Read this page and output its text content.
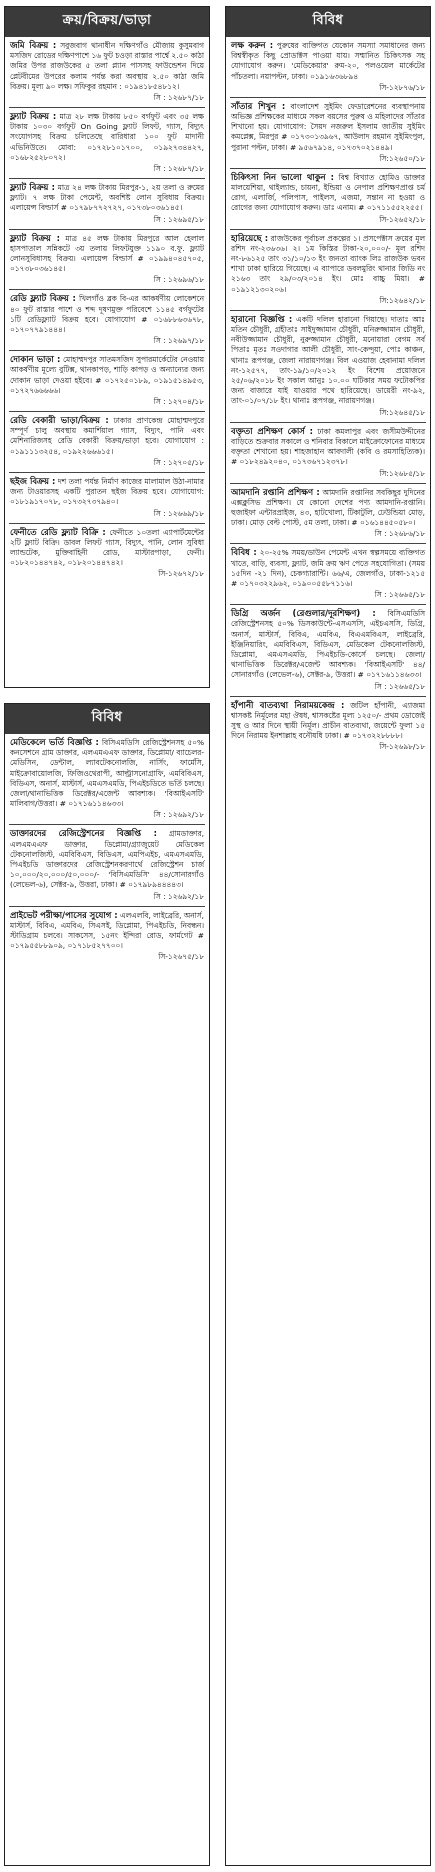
ক্রয়/বিক্রয়/ভাড়া

জমি বিক্রয় : সবুজবাগ থানাধীন দক্ষিণগাঁও মৌজায় কুসুমবাগ মসজিদ রোডের দক্ষিণপাশে ১৬ ফুট চওড়া রাস্তার পার্শ্বে ২.৫০ কাঠা জমির উপর রাজউকের ৫ তলা প্ল্যান পাসসহ ফাউন্ডেশন দিয়ে প্লেটবীমের উপরের কলাম পর্যন্ত করা অবস্থায় ২.৫০ কাঠা জমি বিক্রয়। মূল্য ৯০ লক্ষ। সফিকুর রহমান : ০১৯৪১৮৫৪৮১২।

সি : ১২৬৮৭/১৮

ফ্ল্যাট বিক্রয় : মাত্র ২৮ লক্ষ টাকায় ৮৫০ বর্গফুট এবং ৩৫ লক্ষ টাকায় ১০৩০ বর্গফুট On Going ফ্ল্যাট লিফট, গ্যাস, বিদ্যুৎ সংযোগসহ বিক্রয় চলিতেছে বারিধারা ১০০ ফুট মাদানী এভিনিউতে। মোবা: ০১৭২৮১০১৭০০, ০১৯২৭৩৪৪২৭, ০১৬৮২৫২৮০৭২।

সি : ১২৬৮৭/১৮

ফ্ল্যাট বিক্রয় : মাত্র ২৪ লক্ষ টাকায় মিরপুর-১, ২য় তলা ও রুমের ফ্ল্যাট। ৭ লক্ষ টাকা পেমেন্ট, অবশিষ্ট লোন সুবিধায় বিক্রয়। এলায়েন্স বিল্ডার্স # ০১৭৯৮৭৭২৭২৭, ০১৭৩৮০৩৬১৪৫।

সি : ১২৬৯৫/১৮

ফ্ল্যাট বিক্রয় : মাত্র ৪৫ লক্ষ টাকায় মিরপুরে আল হেলাল হাসপাতাল সন্নিকটে ৩য় তলায় লিফটযুক্ত ১১৯০ ব.ফু. ফ্ল্যাট লোনসুবিধাসহ বিক্রয়। এলায়েন্স বিল্ডার্স # ০১৯৯৪০৪৫৭০৫, ০১৭৩৮০৩৬১৪৫।

সি : ১২৬৯৬/১৮

রেডি ফ্ল্যাট বিক্রয় : খিলগাঁও ব্লক বি-এর আকর্ষণীয় লোকেশনে ৪০ ফুট রাস্তার পাশে ও শব্দ দূষণমুক্ত পরিবেশে ১১৪৫ বর্গফুটের ১টি রেডিফ্ল্যাট বিক্রয় হবে। যোগাযোগ # ০১৬৮৮৬৩৬৭৮, ০১৭০৭৭৯১৪৪৪।

সি : ১২৬৯৭/১৮

দোকান ভাড়া : মোহাম্মদপুর সাতমসজিদ সুপারমার্কেটের নেওয়ায় আকর্ষণীয় মূল্যে বুটিক্স, থানকাপড়, শাড়ি কাপড় ও অন্যান্যের জন্য দোকান ভাড়া দেওয়া হইবে। # ০১৭২৫০১৮৯, ০১৯১৫১৪৯৫৩, ০১৭২৭৬৬৬৬৬।

সি : ১২৭০৪/১৮

রেডি বেকারী ভাড়া/বিক্রয় : ঢাকার প্রাণকেন্দ্র মোহাম্মদপুরে সম্পূর্ণ চালু অবস্থায় কমার্শিয়াল গ্যাস, বিদ্যুৎ, পানি এবং মেশিনারিজসহ রেডি বেকারী বিক্রয়/ভাড়া হবে। যোগাযোগ : ০১৯১১১৩২৫৪, ০১৯২২৬৬৬১৫।

সি : ১২৭০৫/১৮

ছইজ বিক্রয় : দশ তলা পর্যন্ত নির্মাণ কাজের মালামাল উঠা-নামার জন্য টাওয়ারসহ একটি পুরাতন ছইজ বিক্রয় হবে। যোগাযোগ: ০১৮১৯১৭০৭৮, ০১৭৩২৭৩৭৯৪০।

সি : ১২৬৬৯/১৮

ফেনীতে রেডি ফ্ল্যাট বিক্রি : ফেনীতে ১০তলা এ্যাপার্টমেন্টের ২টি ফ্ল্যাট বিক্রি। ডাবল লিফট গ্যাস, বিদ্যুৎ, পানি, লোন সুবিধা ল্যান্ডটেক, মুক্তিবাহিনী রোড, মাস্টারপাড়া, ফেনী। ০১৮২০১৪৪৭৪২, ০১৮২০১৪৪৭৪২।

সি-১২৬৭২/১৮
বিবিধ

মেডিকেলে ভর্তি বিজ্ঞপ্তি : বিসিএমডিসি রেজিস্ট্রেশনসহ ৫০% কনসেশনে গ্রাম ডাক্তার, এলএমএএফ ডাক্তার, ডিপ্লোমা/ ব্যাচেলর-মেডিসিন, ডেন্টাল, ল্যাবটেকনোলজি, নার্সিং, ফার্মেসি, মাইক্রোবায়োলজি, ফিজিওথেরাপী, আল্ট্রাসনোগ্রাফি, এমবিবিএস, বিডিএস, অনার্স, মাস্টার্স, এমএসএমডি, পিএইচডিতে ভর্তি চলছে। জেলা/থানাভিত্তিক ডিরেক্টর/এজেন্ট আবশ্যক। 'বিআইএসটি' মালিবাগ/উত্তরা। # ০১৭১৬১১৪৬৩৩।

সি : ১২৬৯২/১৮

ডাক্তারদের রেজিস্ট্রেশনের বিজ্ঞপ্তি : গ্রামডাক্তার, এলএমএএফ ডাক্তার, ডিপ্লোমা/গ্র্যাজুয়েট মেডিকেল টেকনোলজিস্ট, এমবিবিএস, বিডিএস, এমপিএইচ, এমএসএমডি, পিএইচডি ডাক্তারদের রেজিস্ট্রেশনকরণার্থে রেজিস্ট্রেশন চার্জ ১০,০০০/২০,০০০/৫০,০০০/- 'বিসিএমডিসি' ৪৪/সোনারগাঁও (লেভেল-৬), সেক্টর-৯, উত্তরা, ঢাকা। # ০১৭৯৮৯৪৪৪৪৩।

সি : ১২৬৯২/১৮

প্রাইভেট পরীক্ষা/পাসের সুযোগ : এলএলবি, লাইব্রেরি, অনার্স, মাস্টার্স, বিবিএ, এমবিএ, সিএসই, ডিপ্লোমা, পিএইচডি, নিবন্ধন। স্টাডিগ্রাম চলবে। সাকসেস, ১৫নং ইন্দিরা রোড, ফার্মগেট # ০১৭৯৫৫৮৮৯০৯, ০১৭১৮৫২৭৭০০।

সি-১২৬৭৫/১৮
বিবিধ

লক্ষ করুন : পুরুষের ব্যক্তিগত যেকোন সমস্যা সমাধানের জন্য বিশ্বস্বীকৃত কিছু প্রোডাক্টস পাওয়া যায়। সম্মানিত চিকিৎসক সহ যোগাযোগ করুন। 'মেডিকেয়ার' রুম-২০, পলওয়েল মার্কেটের পাঁচতলা। নয়াপল্টন, ঢাকা। ০১৯১৬৩৬৮৯৪

সি-১২৮৭৬/১৮

সাঁতার শিখুন : বাংলাদেশ সুইমিং ফেডারেশনের ব্যবস্থাপনায় অভিজ্ঞ প্রশিক্ষকের মাধ্যমে সকল বয়সের পুরুষ ও মহিলাদের সাঁতার শিখানো হয়। যোগাযোগ: সৈয়দ নজরুল ইসলাম জাতীয় সুইমিং কমপ্লেক্স, মিরপুর # ০১৭৩০১৩৯৬৭, আউলাদ রহমান সুইমিংপুল, পুরানা পল্টন, ঢাকা। # ৯৫৬৭৯১৪, ০১৭৩৭০২১৪৪৯।

সি:১২৬৫০/১৮

চিকিৎসা নিন ভালো থাকুন : বিশ্ব বিখ্যাত হোমিও ডাক্তার মালয়েশিয়া, থাইল্যান্ড, চায়না, ইন্ডিয়া ও নেপাল প্রশিক্ষণপ্রাপ্ত চর্ম রোগ, এলার্জি, পলিপাস, পাইলস, এজমা, সন্তান না হওয়া ও রোগের জন্য যোগাযোগ করুন। ডাঃ এনাম। # ০১৭১১৫৫২২৫৫।

সি-১২৬৫২/১৮

হারিয়েছে : রাজউকের পূর্বাচল প্রকল্পের ১। প্রসপেক্টাস ক্রয়ের মূল রশিদ নং-২৩৬৩৬। ২। ১ম কিস্তির টাকা-২০,০০০/- মূল রশিদ নং-৮৬১২৫ তাং ৩১/১০/১৩ ইং জনতা ব্যাংক লিঃ রাজউক ভবন শাখা ঢাকা হারিয়ে গিয়েছে। এ ব্যাপারে ডবলমুরিং থানার জিডি নং ২১৬৩ তাং ২৯/০৩/২০১৪ ইং। মোঃ বাচ্চু মিয়া। # ০১৯১২১৩০২০৬।

সি:১২৬৪২/১৮

হারানো বিজ্ঞপ্তি : একটি দলিল হারানো গিয়াছে। দাতাঃ আঃ মতিন চৌধুরী, গ্রহীতাঃ সাইদুজ্জামান চৌধুরী, মনিরুজ্জামান চৌধুরী, নবীউজ্জামান চৌধুরী, নুরুজ্জামান চৌধুরী, মনোয়ারা বেগম সর্ব পিতাঃ মৃতঃ সওদাগার আলী চৌধুরী, সাং-কেন্দুয়া, পোঃ কাঞ্চন, থানাঃ রূপগঞ্জ, জেলা নারায়ণগঞ্জ। বিল এওয়াজ হেবানামা দলিল নং-১২৫৭৭, তাং-১৯/১০/২০১২ ইং বিশেষ প্রয়োজনে ২৫/০৬/২০১৮ ইং সকাল আনুঃ ১০.০০ ঘটিকার সময় ফটোকপির জন্য বাজারে যাই যাওয়ার পথে হারিয়েছে। ডায়েরী নং-৯২, তাং-০১/০৭/১৮ ইং। থানাঃ রূপগঞ্জ, নারায়ণগঞ্জ।

সি:১২৬৪৫/১৮

বক্তৃতা প্রশিক্ষণ কোর্স : ঢাকা কমলাপুর এবং জসীমউদ্দীনের বাড়িতে শুক্রবার সকালে ও শনিবার বিকালে মাইক্রোফোনের মাধ্যমে বক্তৃতা শেখানো হয়। শাহজাহান আবদালী (কবি ও রমসাহিত্যিক)। # ০১৮২৪৯২০৪০, ০১৭৩৬৭১২৩৭৮।

সি:১২৬৮৫/১৮

আমদানি রপ্তানি প্রশিক্ষণ : আমদানি রপ্তানির সবকিছুর দুদিনের এক্সক্লুসিভ প্রশিক্ষণ। যে কোনো দেশের পণ্য আমদানি-রপ্তানি। হুজাইফা এন্টারপ্রাইজ, ৪৩, হাটখোলা, টিকাটুলি, ঢেউন্ডিয়া মোড়, ঢাকা। মোড় বেল্ট পোস্ট, ৫ম তলা, ঢাকা। # ০১৬১৪৪৫০৫৮০।

সি : ১২৬৮৬/১৮

বিবিধ : ২০-২৫% সময়/ডাউন পেমেন্ট এখন স্বল্পসময়ে ব্যক্তিগত খাতে, বাড়ি, ব্যবসা, ফ্ল্যাট, জমি ক্রয় ঋণ পেতে সহযোগিতা। (সময় ১৫দিন -২১ দিন), চেকগ্যারান্টি। ৬৬/এ, জেলগাঁও, ঢাকা-১২১৫ # ০১৭০৩২২৯৬২, ০১৯০০৫৫৮৭১১৬।

সি : ১২৬৬৫/১৮

ডিগ্রি অর্জন (রেগুলার/দূরশিক্ষণ) : বিসিএমডিসি রেজিস্ট্রেশনসহ ৫০% ডিসকাউন্টে-এসএসসি, এইচএসসি, ডিগ্রি, অনার্স, মাস্টার্স, বিবিএ, এমবিএ, বিএএমবিএস, লাইব্রেরি, ইঞ্জিনিয়ারিং, এমবিবিএস, বিডিএস, মেডিকেল টেকনোলজিস্ট, ডিপ্লোমা, এমএসএমডি, পিএইচডি-কোর্সে চলছে। জেলা/ থানাভিত্তিক ডিরেক্টর/এজেন্ট আবশ্যক। 'বিআইএসটি' ৪৪/সোনারগাঁও (লেভেল-৬), সেক্টর-৯, উত্তরা। # ০১৭১৬১১৪৬৩৩।

সি : ১২৬৬৫/১৮

হাঁপানী বাতব্যথা নিরাময়কেন্দ্র : জটিল হাঁপানী, এ্যাজমা শ্বাসকষ্ট নির্মূলের মহা ঔষধ, শ্বাসকষ্টের মূল্য ১২৫০/- প্রথম ডোজেই সুস্থ ও আর দিনে স্থায়ী নির্মূল। প্রাচীন বাতব্যথা, জয়েন্টে ফুলা ১৫ দিনে নিরাময় ইনশাল্লাহ বনৌষধি ঢাকা। # ০১৭৩২২৮৮৮৮।

সি-১২৬৯৮/১৮
